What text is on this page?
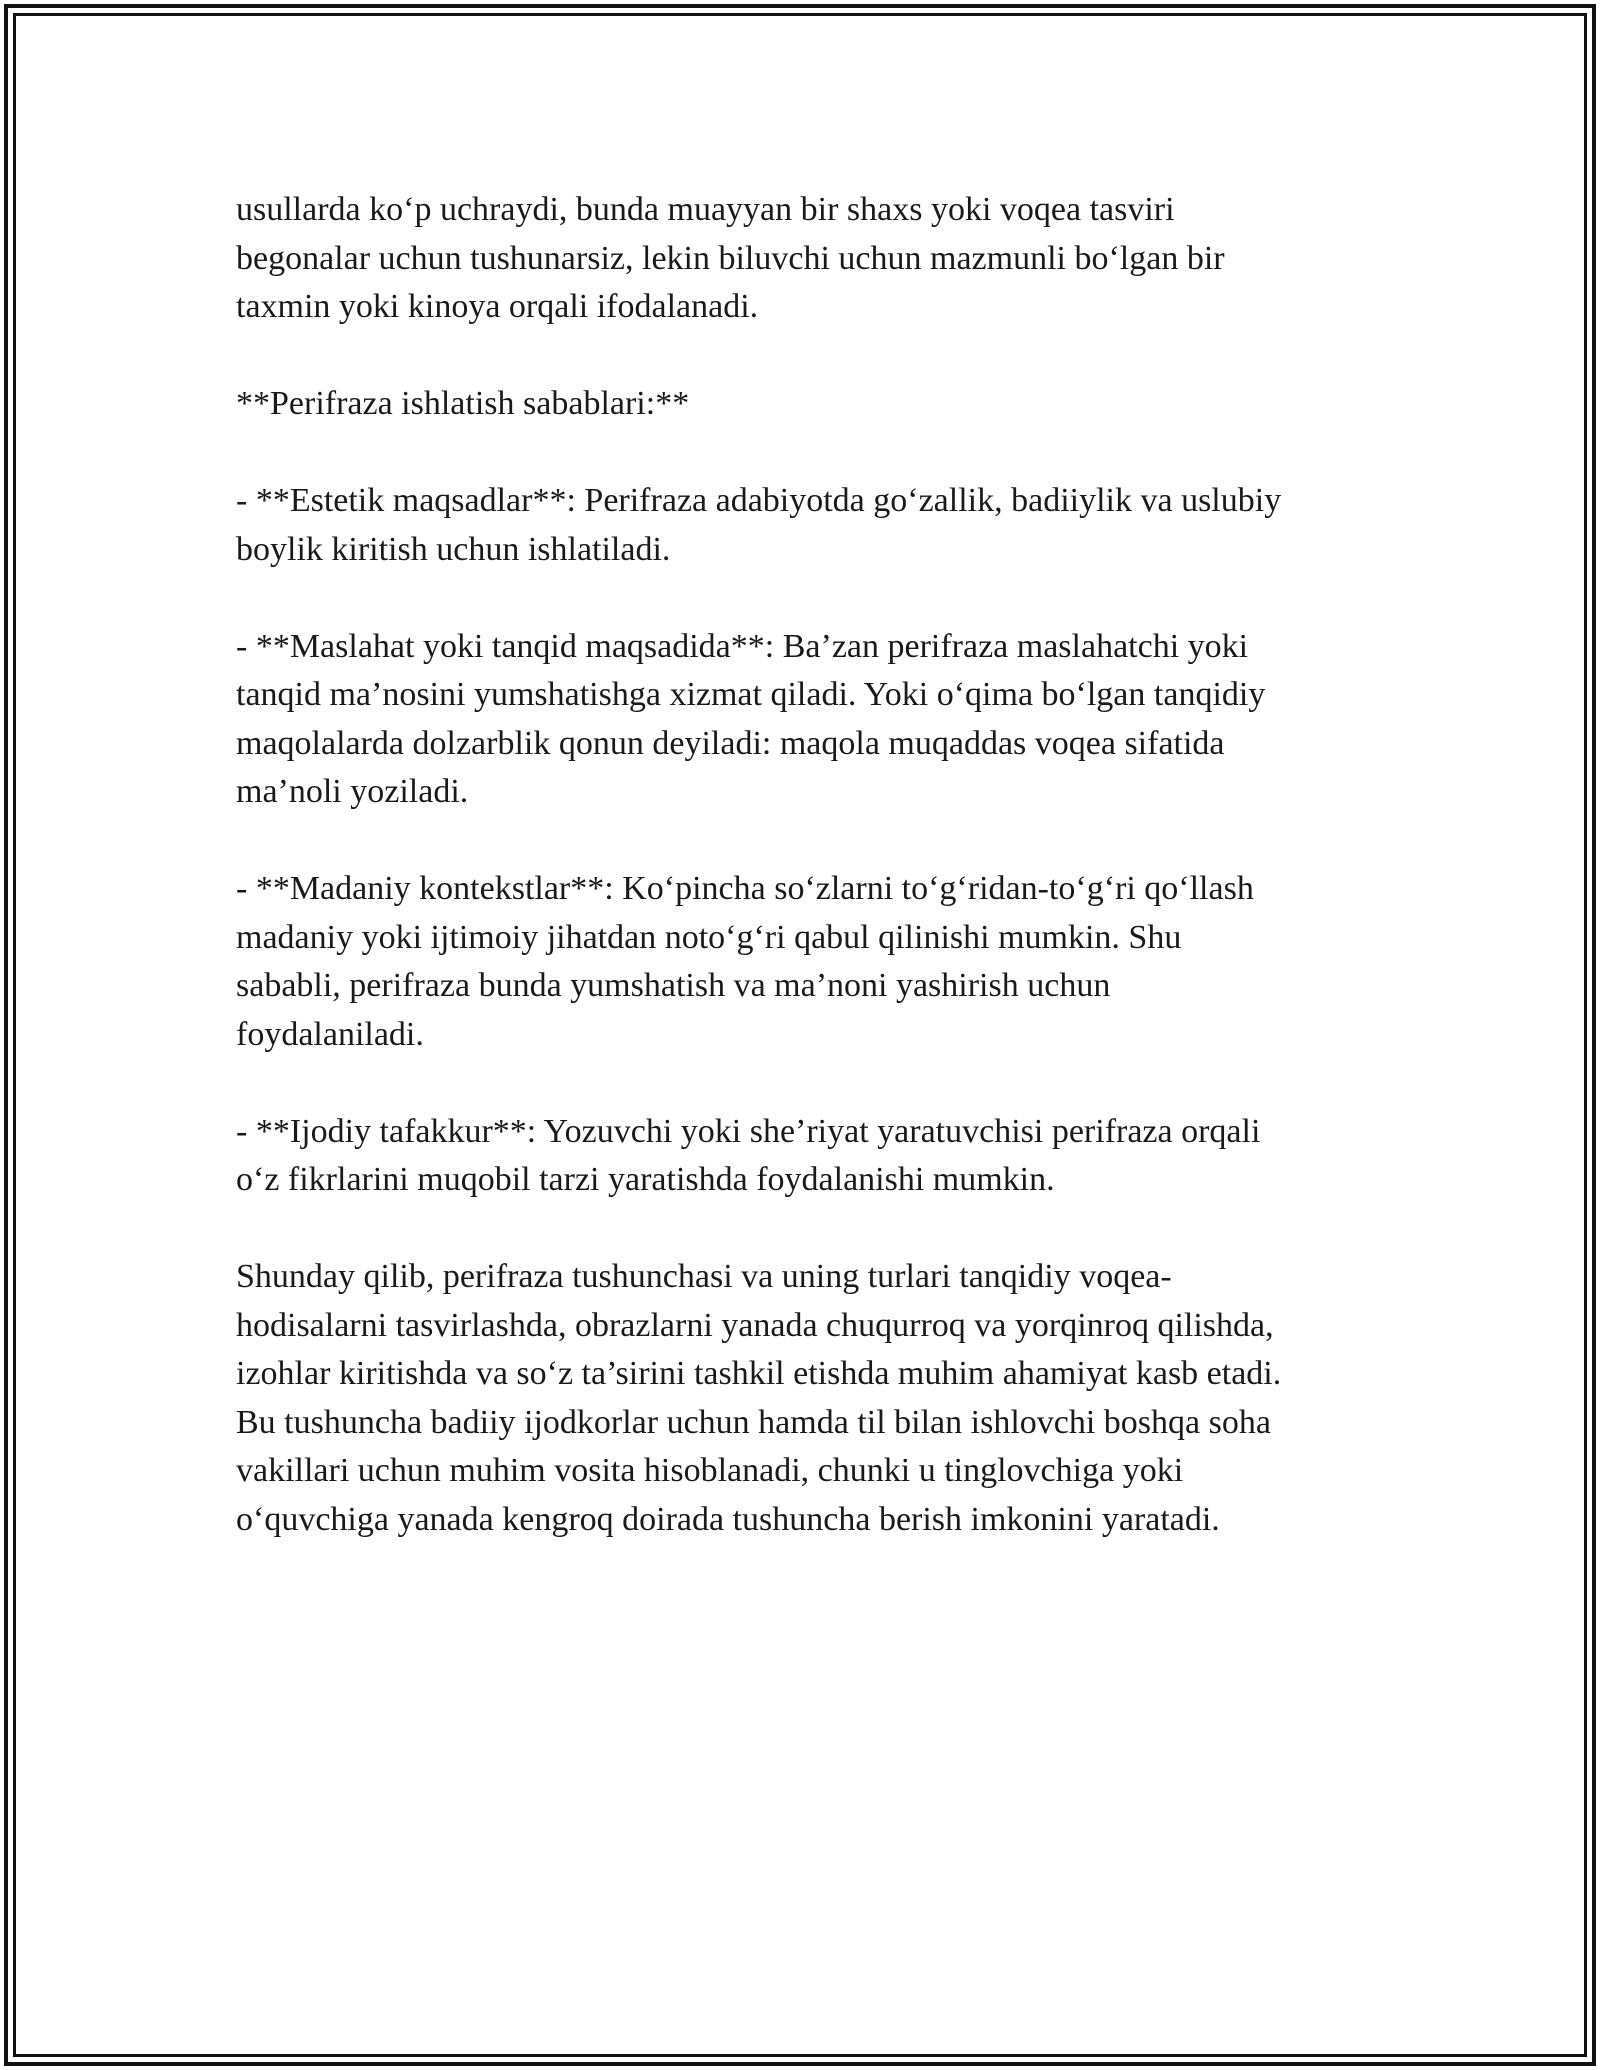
usullarda ko‘p uchraydi, bunda muayyan bir shaxs yoki voqea tasviri
begonalar uchun tushunarsiz, lekin biluvchi uchun mazmunli bo‘lgan bir
taxmin yoki kinoya orqali ifodalanadi.

**Perifraza ishlatish sabablari:**

- **Estetik maqsadlar**: Perifraza adabiyotda go‘zallik, badiiylik va uslubiy
boylik kiritish uchun ishlatiladi.

- **Maslahat yoki tanqid maqsadida**: Ba’zan perifraza maslahatchi yoki
tanqid ma’nosini yumshatishga xizmat qiladi. Yoki o‘qima bo‘lgan tanqidiy
maqolalarda dolzarblik qonun deyiladi: maqola muqaddas voqea sifatida
ma’noli yoziladi.

- **Madaniy kontekstlar**: Ko‘pincha so‘zlarni to‘g‘ridan-to‘g‘ri qo‘llash
madaniy yoki ijtimoiy jihatdan noto‘g‘ri qabul qilinishi mumkin. Shu
sababli, perifraza bunda yumshatish va ma’noni yashirish uchun
foydalaniladi.

- **Ijodiy tafakkur**: Yozuvchi yoki she’riyat yaratuvchisi perifraza orqali
o‘z fikrlarini muqobil tarzi yaratishda foydalanishi mumkin.

Shunday qilib, perifraza tushunchasi va uning turlari tanqidiy voqea-
hodisalarni tasvirlashda, obrazlarni yanada chuqurroq va yorqinroq qilishda,
izohlar kiritishda va so‘z ta’sirini tashkil etishda muhim ahamiyat kasb etadi.
Bu tushuncha badiiy ijodkorlar uchun hamda til bilan ishlovchi boshqa soha
vakillari uchun muhim vosita hisoblanadi, chunki u tinglovchiga yoki
o‘quvchiga yanada kengroq doirada tushuncha berish imkonini yaratadi.
